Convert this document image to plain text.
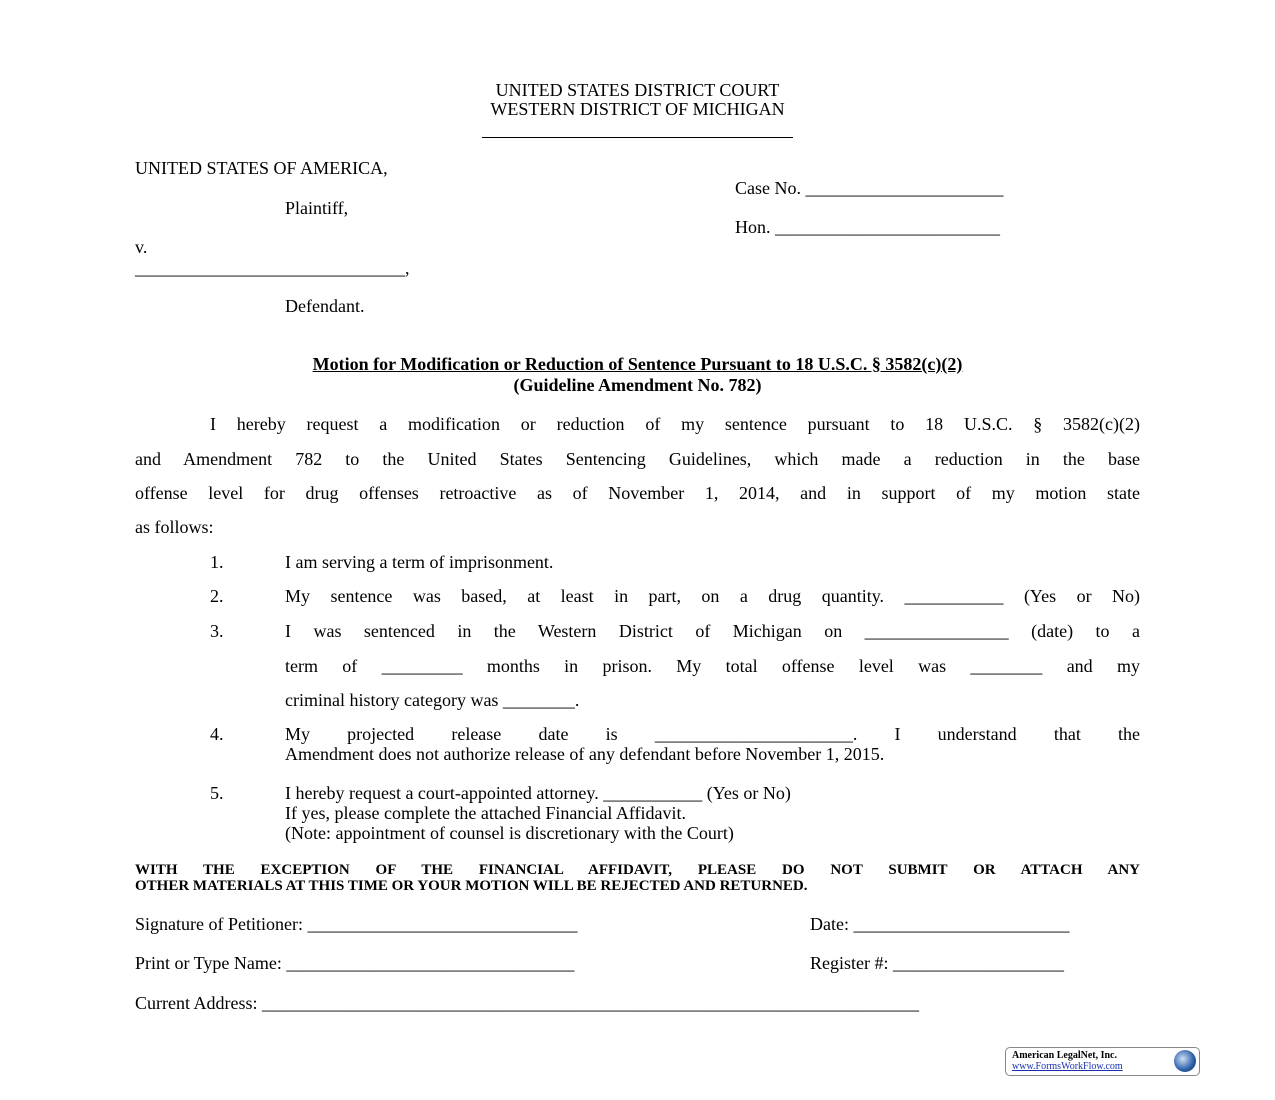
UNITED STATES DISTRICT COURT
WESTERN DISTRICT OF MICHIGAN
UNITED STATES OF AMERICA,
Case No. ______________________
Plaintiff,
Hon. _________________________
v.
______________________________,
Defendant.
Motion for Modification or Reduction of Sentence Pursuant to 18 U.S.C. § 3582(c)(2)
(Guideline Amendment No. 782)
I hereby request a modification or reduction of my sentence pursuant to 18 U.S.C. § 3582(c)(2)
and Amendment 782 to the United States Sentencing Guidelines, which made a reduction in the base
offense level for drug offenses retroactive as of November 1, 2014, and in support of my motion state
as follows:
1.	I am serving a term of imprisonment.
2.	My sentence was based, at least in part, on a drug quantity. ___________ (Yes or No)
3.	I was sentenced in the Western District of Michigan on ________________ (date) to a
term of _________ months in prison. My total offense level was ________ and my
criminal history category was ________.
4.	My projected release date is ______________________. I understand that the
Amendment does not authorize release of any defendant before November 1, 2015.
5.	I hereby request a court-appointed attorney. ___________ (Yes or No)
If yes, please complete the attached Financial Affidavit.
(Note: appointment of counsel is discretionary with the Court)
WITH THE EXCEPTION OF THE FINANCIAL AFFIDAVIT, PLEASE DO NOT SUBMIT OR ATTACH ANY
OTHER MATERIALS AT THIS TIME OR YOUR MOTION WILL BE REJECTED AND RETURNED.
Signature of Petitioner: ______________________________	Date: ________________________
Print or Type Name: ________________________________	Register #: ___________________
Current Address: _________________________________________________________________________
American LegalNet, Inc.
www.FormsWorkFlow.com
